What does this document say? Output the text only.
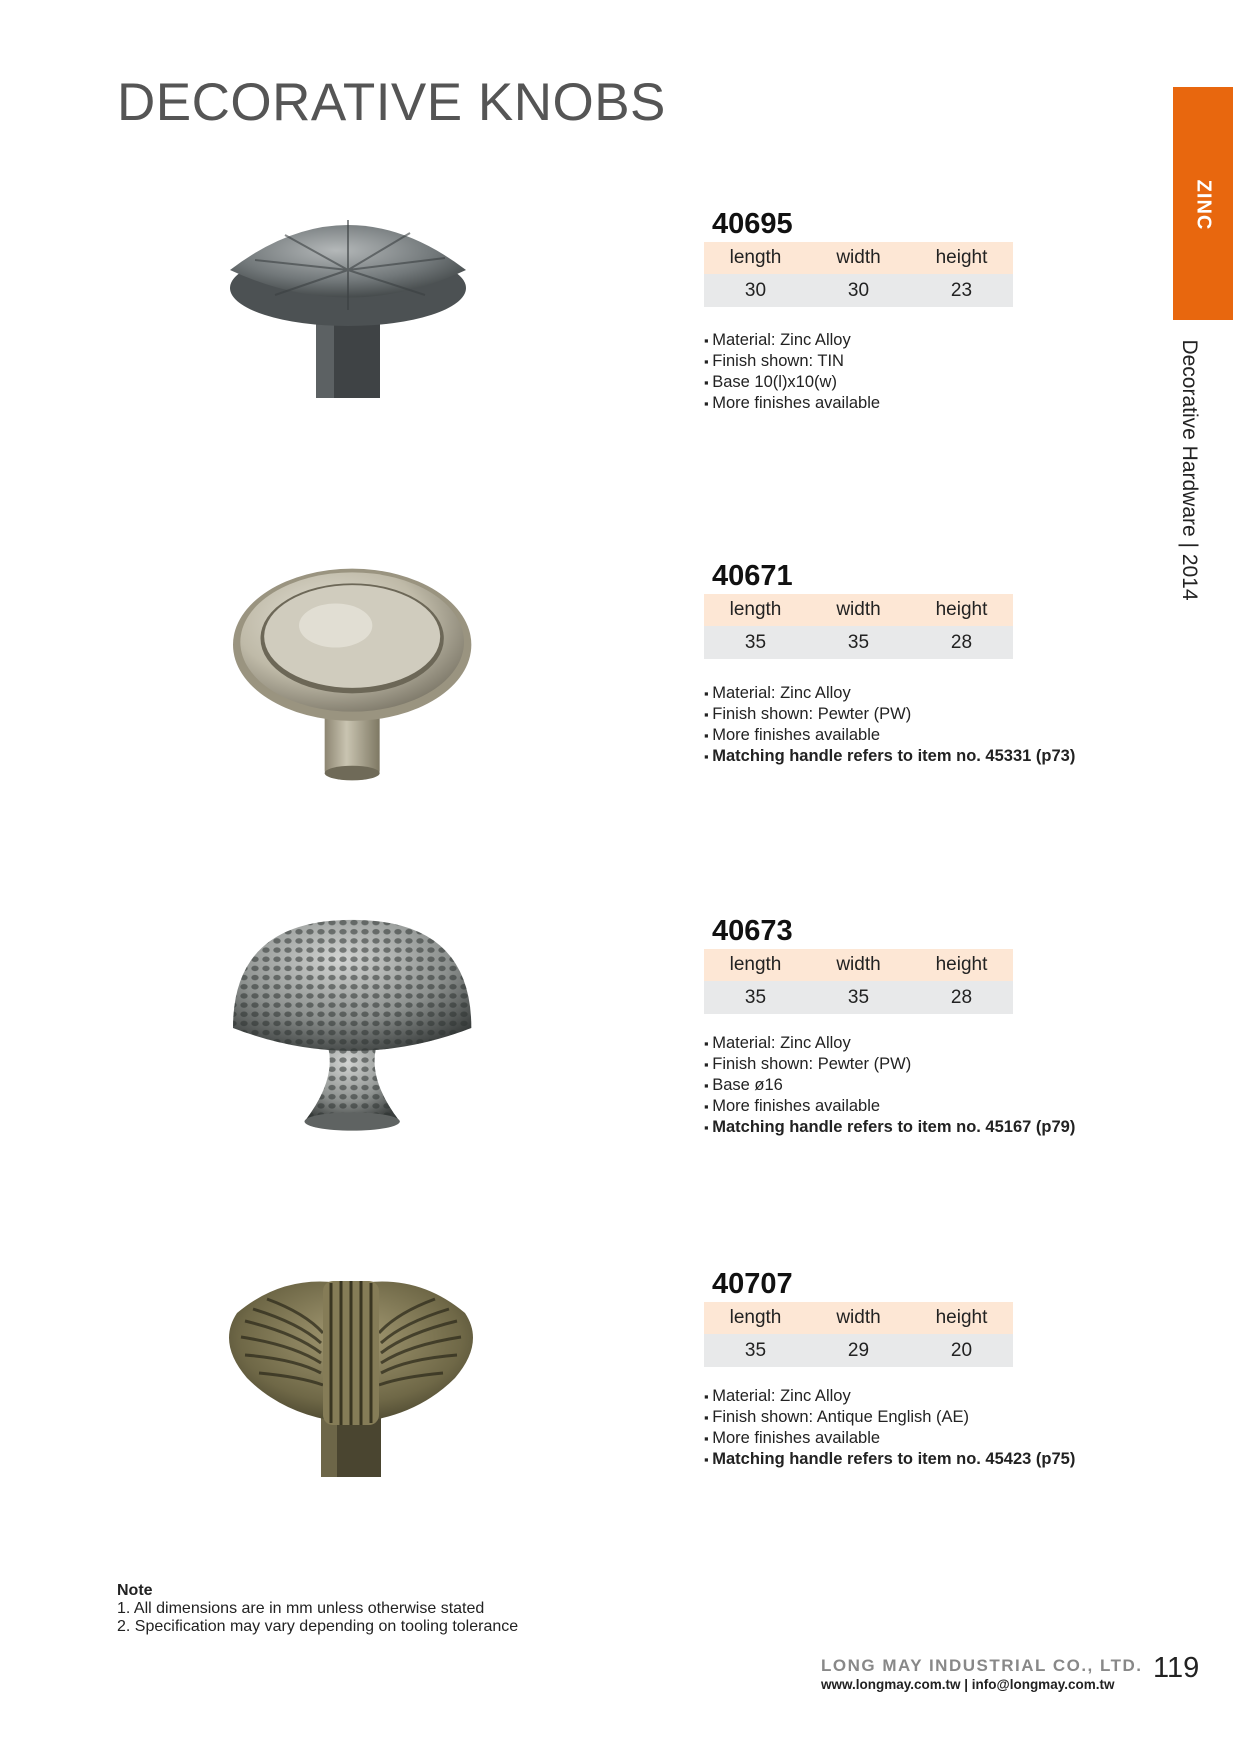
DECORATIVE KNOBS
ZINC
Decorative Hardware | 2014
40695
length	width	height
30	30	23
▪ Material: Zinc Alloy
▪ Finish shown: TIN
▪ Base 10(l)x10(w)
▪ More finishes available
40671
length	width	height
35	35	28
▪ Material: Zinc Alloy
▪ Finish shown: Pewter (PW)
▪ More finishes available
▪ Matching handle refers to item no. 45331 (p73)
40673
length	width	height
35	35	28
▪ Material: Zinc Alloy
▪ Finish shown: Pewter (PW)
▪ Base ø16
▪ More finishes available
▪ Matching handle refers to item no. 45167 (p79)
40707
length	width	height
35	29	20
▪ Material: Zinc Alloy
▪ Finish shown: Antique English (AE)
▪ More finishes available
▪ Matching handle refers to item no. 45423 (p75)
Note
1. All dimensions are in mm unless otherwise stated
2. Specification may vary depending on tooling tolerance
LONG MAY INDUSTRIAL CO., LTD.
www.longmay.com.tw | info@longmay.com.tw
119
